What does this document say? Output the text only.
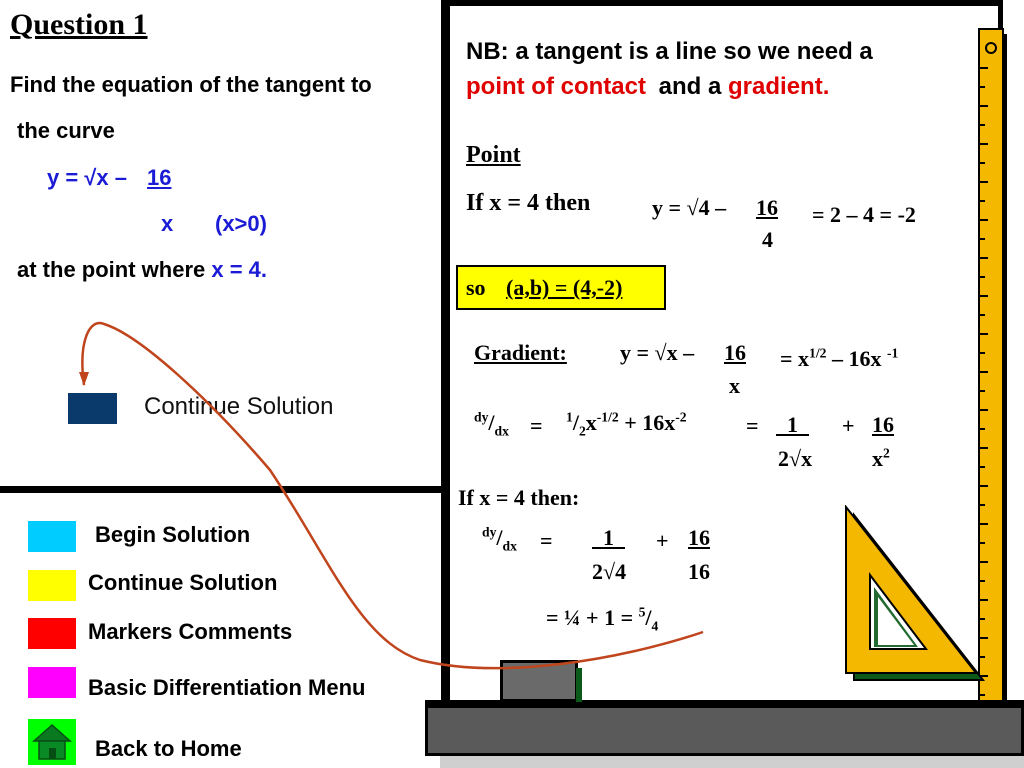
Question 1
Find the equation of the tangent to
the curve
y = √x – 16
x (x>0)
at the point where x = 4.
Continue Solution
Begin Solution
Continue Solution
Markers Comments
Basic Differentiation Menu
Back to Home
NB: a tangent is a line so we need a
point of contact and a gradient.
Point
If x = 4 then	y = √4 – 16
4
= 2 – 4 = -2
so (a,b) = (4,-2)
Gradient: y = √x – 16
x
= $x^{1/2} - 16x$ $^{-1}$
$^{dy}/_{dx} = ^1/_2x^{-1/2} + 16x^{-2}$	=	1
2√x
+ 16
$x^2$
If x = 4 then:
$^{dy}/_{dx}$ =	1
2√4
+ 16
16
= ¼ + $1 = ^5/_4$
